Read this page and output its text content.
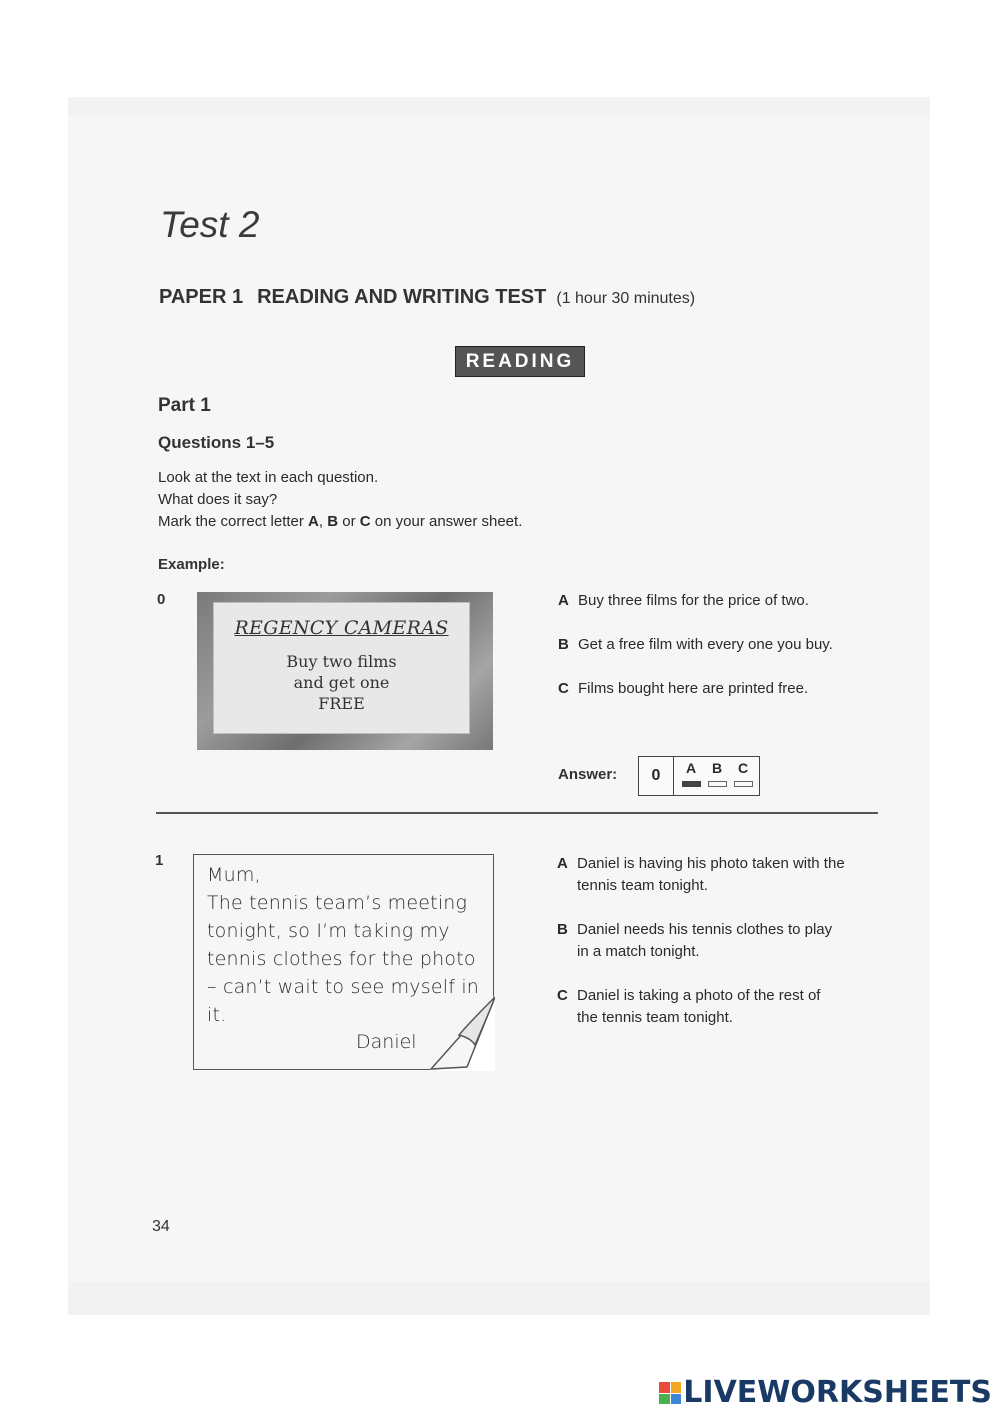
Test 2
PAPER 1 READING AND WRITING TEST (1 hour 30 minutes)
READING
Part 1
Questions 1–5
Look at the text in each question.
What does it say?
Mark the correct letter A, B or C on your answer sheet.
Example:
0
REGENCY CAMERAS
Buy two films
and get one
FREE
A Buy three films for the price of two.
B Get a free film with every one you buy.
C Films bought here are printed free.
Answer:	0	A	B	C
1
Mum,
The tennis team’s meeting
tonight, so I’m taking my
tennis clothes for the photo
– can’t wait to see myself in
it.
Daniel
A Daniel is having his photo taken with the
tennis team tonight.
B Daniel needs his tennis clothes to play
in a match tonight.
C Daniel is taking a photo of the rest of
the tennis team tonight.
34
LIVEWORKSHEETS
